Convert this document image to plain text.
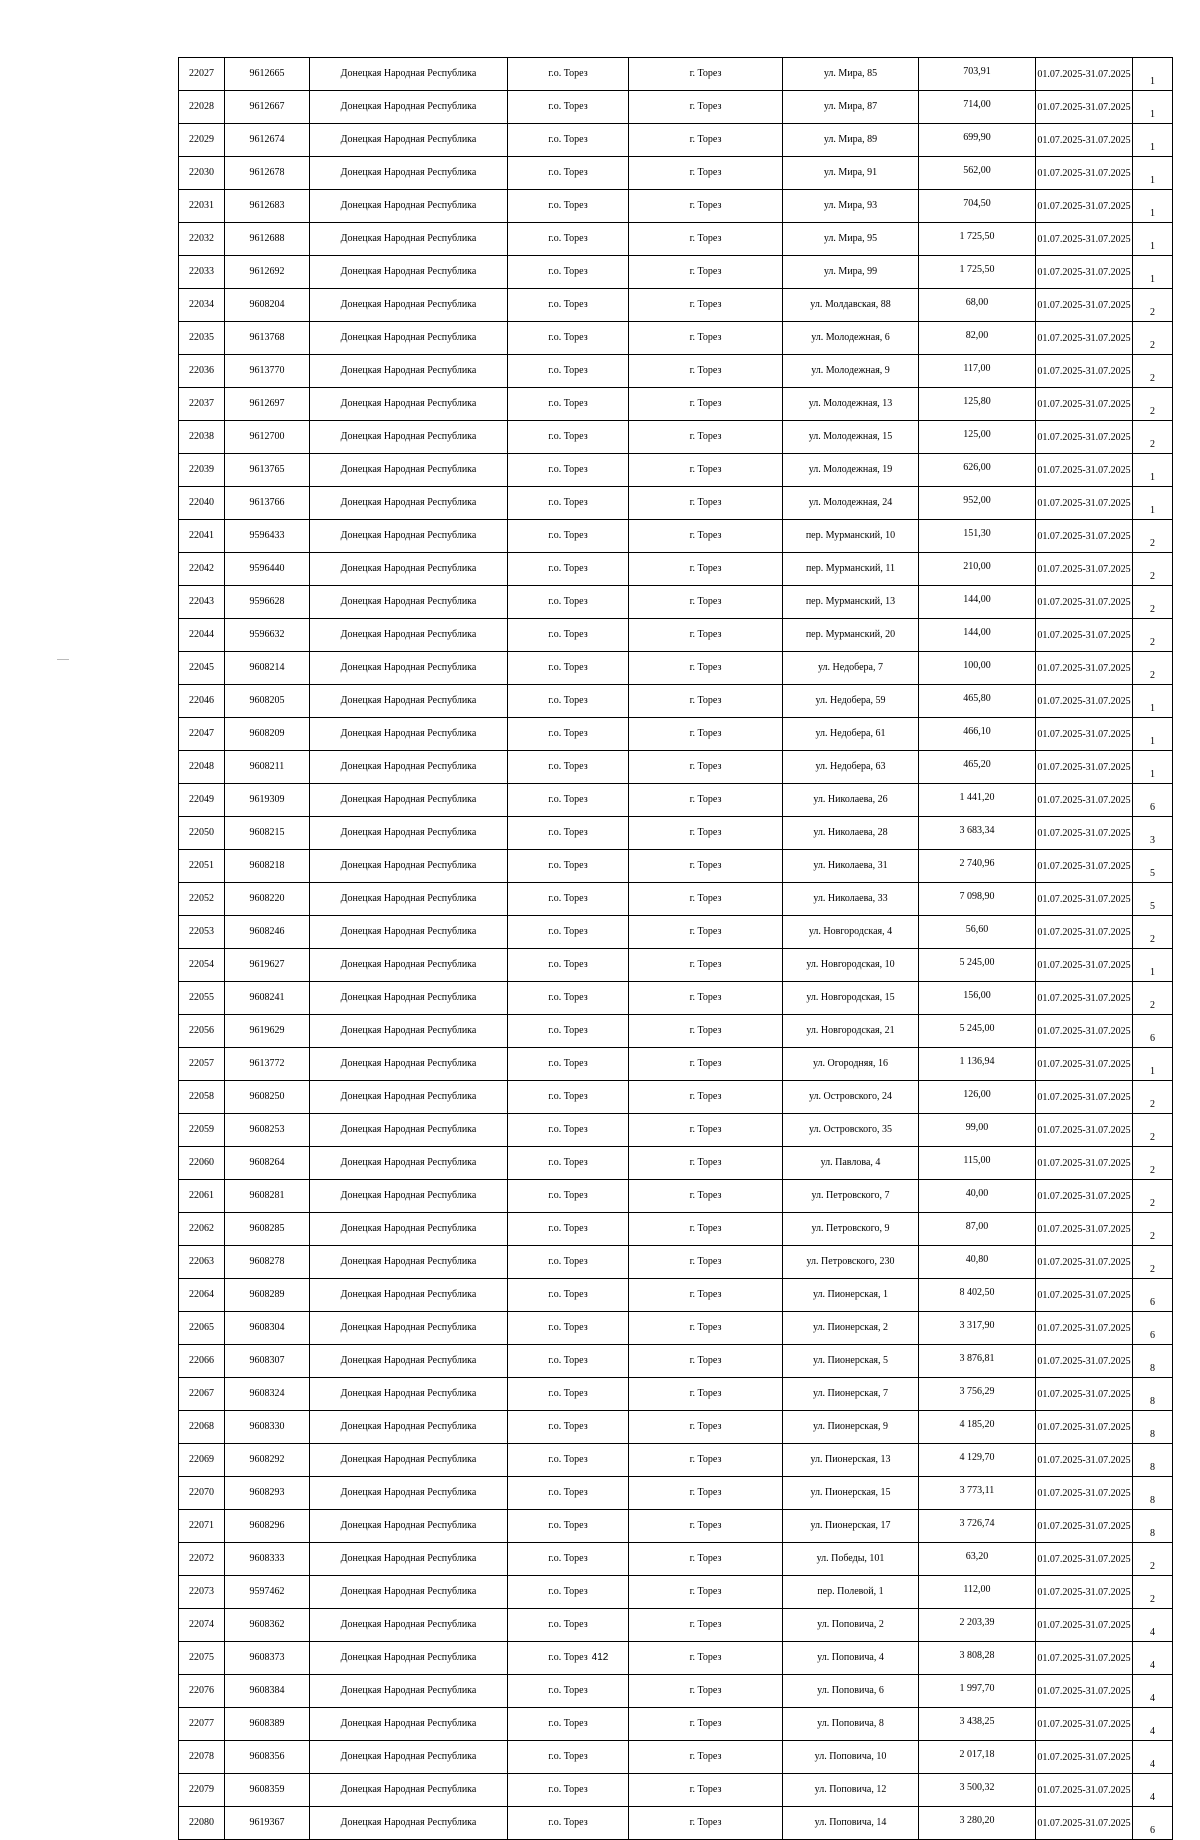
22027	9612665	Донецкая Народная Республика	г.о. Торез	г. Торез	ул. Мира, 85	703,91	01.07.2025-31.07.2025	1
22028	9612667	Донецкая Народная Республика	г.о. Торез	г. Торез	ул. Мира, 87	714,00	01.07.2025-31.07.2025	1
22029	9612674	Донецкая Народная Республика	г.о. Торез	г. Торез	ул. Мира, 89	699,90	01.07.2025-31.07.2025	1
22030	9612678	Донецкая Народная Республика	г.о. Торез	г. Торез	ул. Мира, 91	562,00	01.07.2025-31.07.2025	1
22031	9612683	Донецкая Народная Республика	г.о. Торез	г. Торез	ул. Мира, 93	704,50	01.07.2025-31.07.2025	1
22032	9612688	Донецкая Народная Республика	г.о. Торез	г. Торез	ул. Мира, 95	1 725,50	01.07.2025-31.07.2025	1
22033	9612692	Донецкая Народная Республика	г.о. Торез	г. Торез	ул. Мира, 99	1 725,50	01.07.2025-31.07.2025	1
22034	9608204	Донецкая Народная Республика	г.о. Торез	г. Торез	ул. Молдавская, 88	68,00	01.07.2025-31.07.2025	2
22035	9613768	Донецкая Народная Республика	г.о. Торез	г. Торез	ул. Молодежная, 6	82,00	01.07.2025-31.07.2025	2
22036	9613770	Донецкая Народная Республика	г.о. Торез	г. Торез	ул. Молодежная, 9	117,00	01.07.2025-31.07.2025	2
22037	9612697	Донецкая Народная Республика	г.о. Торез	г. Торез	ул. Молодежная, 13	125,80	01.07.2025-31.07.2025	2
22038	9612700	Донецкая Народная Республика	г.о. Торез	г. Торез	ул. Молодежная, 15	125,00	01.07.2025-31.07.2025	2
22039	9613765	Донецкая Народная Республика	г.о. Торез	г. Торез	ул. Молодежная, 19	626,00	01.07.2025-31.07.2025	1
22040	9613766	Донецкая Народная Республика	г.о. Торез	г. Торез	ул. Молодежная, 24	952,00	01.07.2025-31.07.2025	1
22041	9596433	Донецкая Народная Республика	г.о. Торез	г. Торез	пер. Мурманский, 10	151,30	01.07.2025-31.07.2025	2
22042	9596440	Донецкая Народная Республика	г.о. Торез	г. Торез	пер. Мурманский, 11	210,00	01.07.2025-31.07.2025	2
22043	9596628	Донецкая Народная Республика	г.о. Торез	г. Торез	пер. Мурманский, 13	144,00	01.07.2025-31.07.2025	2
22044	9596632	Донецкая Народная Республика	г.о. Торез	г. Торез	пер. Мурманский, 20	144,00	01.07.2025-31.07.2025	2
22045	9608214	Донецкая Народная Республика	г.о. Торез	г. Торез	ул. Недобера, 7	100,00	01.07.2025-31.07.2025	2
22046	9608205	Донецкая Народная Республика	г.о. Торез	г. Торез	ул. Недобера, 59	465,80	01.07.2025-31.07.2025	1
22047	9608209	Донецкая Народная Республика	г.о. Торез	г. Торез	ул. Недобера, 61	466,10	01.07.2025-31.07.2025	1
22048	9608211	Донецкая Народная Республика	г.о. Торез	г. Торез	ул. Недобера, 63	465,20	01.07.2025-31.07.2025	1
22049	9619309	Донецкая Народная Республика	г.о. Торез	г. Торез	ул. Николаева, 26	1 441,20	01.07.2025-31.07.2025	6
22050	9608215	Донецкая Народная Республика	г.о. Торез	г. Торез	ул. Николаева, 28	3 683,34	01.07.2025-31.07.2025	3
22051	9608218	Донецкая Народная Республика	г.о. Торез	г. Торез	ул. Николаева, 31	2 740,96	01.07.2025-31.07.2025	5
22052	9608220	Донецкая Народная Республика	г.о. Торез	г. Торез	ул. Николаева, 33	7 098,90	01.07.2025-31.07.2025	5
22053	9608246	Донецкая Народная Республика	г.о. Торез	г. Торез	ул. Новгородская, 4	56,60	01.07.2025-31.07.2025	2
22054	9619627	Донецкая Народная Республика	г.о. Торез	г. Торез	ул. Новгородская, 10	5 245,00	01.07.2025-31.07.2025	1
22055	9608241	Донецкая Народная Республика	г.о. Торез	г. Торез	ул. Новгородская, 15	156,00	01.07.2025-31.07.2025	2
22056	9619629	Донецкая Народная Республика	г.о. Торез	г. Торез	ул. Новгородская, 21	5 245,00	01.07.2025-31.07.2025	6
22057	9613772	Донецкая Народная Республика	г.о. Торез	г. Торез	ул. Огородняя, 16	1 136,94	01.07.2025-31.07.2025	1
22058	9608250	Донецкая Народная Республика	г.о. Торез	г. Торез	ул. Островского, 24	126,00	01.07.2025-31.07.2025	2
22059	9608253	Донецкая Народная Республика	г.о. Торез	г. Торез	ул. Островского, 35	99,00	01.07.2025-31.07.2025	2
22060	9608264	Донецкая Народная Республика	г.о. Торез	г. Торез	ул. Павлова, 4	115,00	01.07.2025-31.07.2025	2
22061	9608281	Донецкая Народная Республика	г.о. Торез	г. Торез	ул. Петровского, 7	40,00	01.07.2025-31.07.2025	2
22062	9608285	Донецкая Народная Республика	г.о. Торез	г. Торез	ул. Петровского, 9	87,00	01.07.2025-31.07.2025	2
22063	9608278	Донецкая Народная Республика	г.о. Торез	г. Торез	ул. Петровского, 230	40,80	01.07.2025-31.07.2025	2
22064	9608289	Донецкая Народная Республика	г.о. Торез	г. Торез	ул. Пионерская, 1	8 402,50	01.07.2025-31.07.2025	6
22065	9608304	Донецкая Народная Республика	г.о. Торез	г. Торез	ул. Пионерская, 2	3 317,90	01.07.2025-31.07.2025	6
22066	9608307	Донецкая Народная Республика	г.о. Торез	г. Торез	ул. Пионерская, 5	3 876,81	01.07.2025-31.07.2025	8
22067	9608324	Донецкая Народная Республика	г.о. Торез	г. Торез	ул. Пионерская, 7	3 756,29	01.07.2025-31.07.2025	8
22068	9608330	Донецкая Народная Республика	г.о. Торез	г. Торез	ул. Пионерская, 9	4 185,20	01.07.2025-31.07.2025	8
22069	9608292	Донецкая Народная Республика	г.о. Торез	г. Торез	ул. Пионерская, 13	4 129,70	01.07.2025-31.07.2025	8
22070	9608293	Донецкая Народная Республика	г.о. Торез	г. Торез	ул. Пионерская, 15	3 773,11	01.07.2025-31.07.2025	8
22071	9608296	Донецкая Народная Республика	г.о. Торез	г. Торез	ул. Пионерская, 17	3 726,74	01.07.2025-31.07.2025	8
22072	9608333	Донецкая Народная Республика	г.о. Торез	г. Торез	ул. Победы, 101	63,20	01.07.2025-31.07.2025	2
22073	9597462	Донецкая Народная Республика	г.о. Торез	г. Торез	пер. Полевой, 1	112,00	01.07.2025-31.07.2025	2
22074	9608362	Донецкая Народная Республика	г.о. Торез	г. Торез	ул. Поповича, 2	2 203,39	01.07.2025-31.07.2025	4
22075	9608373	Донецкая Народная Республика	г.о. Торез	г. Торез	ул. Поповича, 4	3 808,28	01.07.2025-31.07.2025	4
22076	9608384	Донецкая Народная Республика	г.о. Торез	г. Торез	ул. Поповича, 6	1 997,70	01.07.2025-31.07.2025	4
22077	9608389	Донецкая Народная Республика	г.о. Торез	г. Торез	ул. Поповича, 8	3 438,25	01.07.2025-31.07.2025	4
22078	9608356	Донецкая Народная Республика	г.о. Торез	г. Торез	ул. Поповича, 10	2 017,18	01.07.2025-31.07.2025	4
22079	9608359	Донецкая Народная Республика	г.о. Торез	г. Торез	ул. Поповича, 12	3 500,32	01.07.2025-31.07.2025	4
22080	9619367	Донецкая Народная Республика	г.о. Торез	г. Торез	ул. Поповича, 14	3 280,20	01.07.2025-31.07.2025	6
412
